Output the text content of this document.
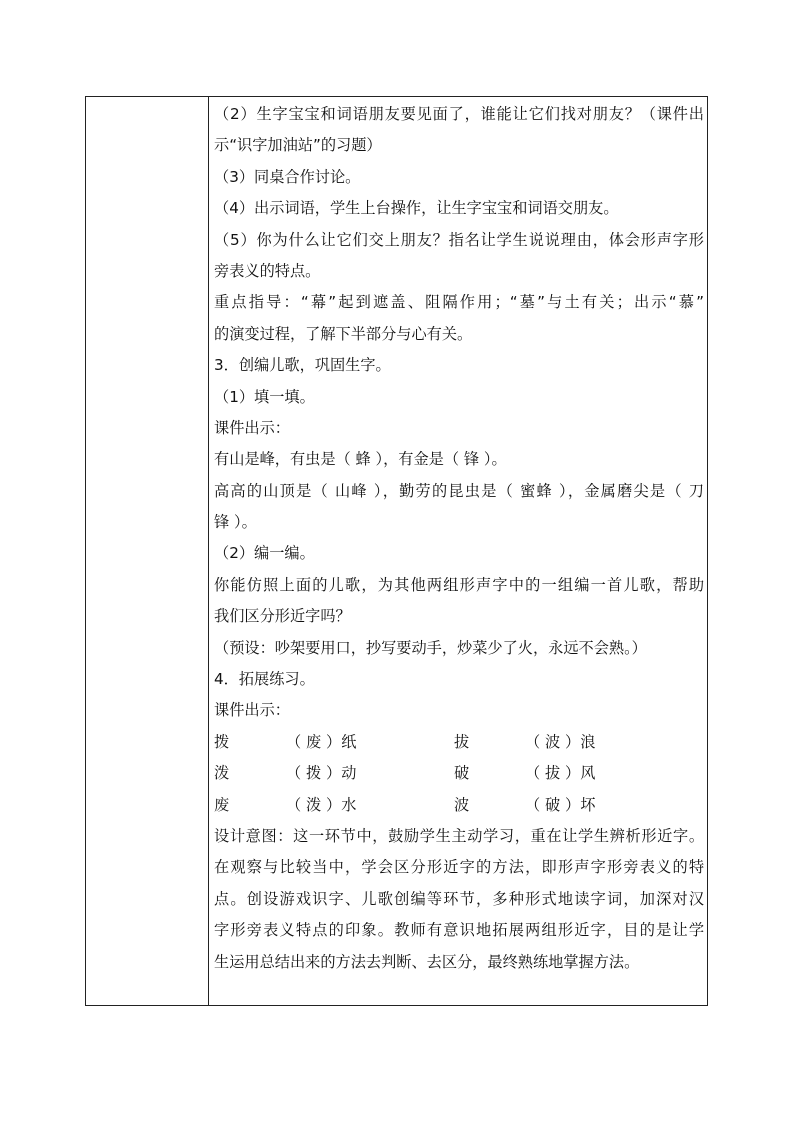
（2）生字宝宝和词语朋友要见面了，谁能让它们找对朋友？（课件出
示“识字加油站”的习题）
（3）同桌合作讨论。
（4）出示词语，学生上台操作，让生字宝宝和词语交朋友。
（5）你为什么让它们交上朋友？指名让学生说说理由，体会形声字形
旁表义的特点。
重点指导：“幕”起到遮盖、阻隔作用；“墓”与土有关；出示“慕”
的演变过程，了解下半部分与心有关。
3．创编儿歌，巩固生字。
（1）填一填。
课件出示：
有山是峰，有虫是（ 蜂 ），有金是（ 锋 ）。
高高的山顶是（ 山峰 ），勤劳的昆虫是（ 蜜蜂 ），金属磨尖是（ 刀
锋 ）。
（2）编一编。
你能仿照上面的儿歌，为其他两组形声字中的一组编一首儿歌，帮助
我们区分形近字吗？
（预设：吵架要用口，抄写要动手，炒菜少了火，永远不会熟。）
4．拓展练习。
课件出示：
拨	（ 废 ）纸	拔	（ 波 ）浪
泼	（ 拨 ）动	破	（ 拔 ）风
废	（ 泼 ）水	波	（ 破 ）坏
设计意图：这一环节中，鼓励学生主动学习，重在让学生辨析形近字。
在观察与比较当中，学会区分形近字的方法，即形声字形旁表义的特
点。创设游戏识字、儿歌创编等环节，多种形式地读字词，加深对汉
字形旁表义特点的印象。教师有意识地拓展两组形近字，目的是让学
生运用总结出来的方法去判断、去区分，最终熟练地掌握方法。
